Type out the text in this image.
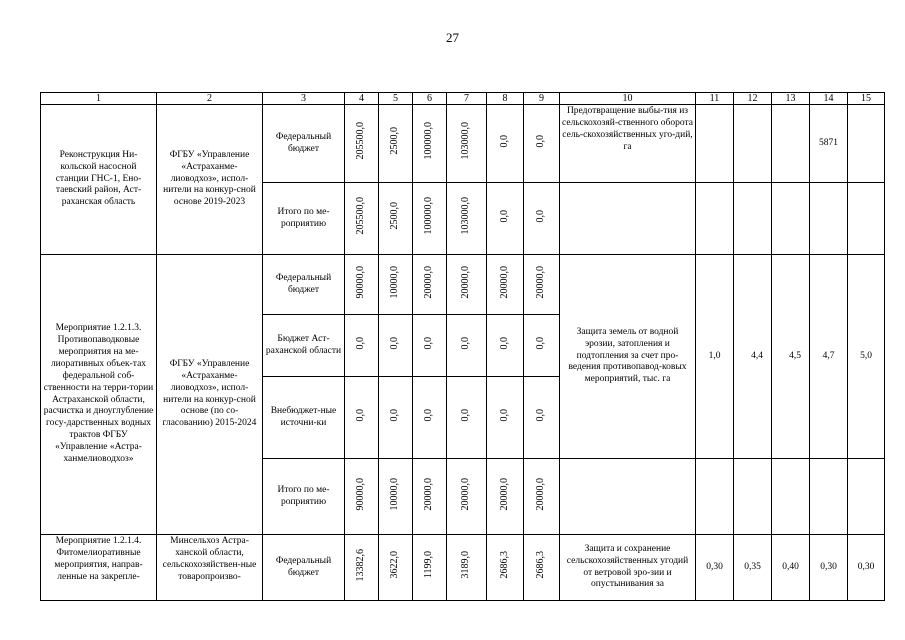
27
1	2	3	4	5	6	7	8	9	10	11	12	13	14	15
Реконструкция Ни-кольской насосной станции ГНС-1, Ено-таевский район, Аст-раханская область	ФГБУ «Управление «Астраханме-лиоводхоз», испол-нители на конкур-сной основе 2019-2023	Федеральный бюджет	205500,0	2500,0	100000,0	103000,0	0,0	0,0	Предотвращение выбы-тия из сельскохозяй-ственного оборота сель-скохозяйственных уго-дий, га				5871	
		Итого по ме-роприятию	205500,0	2500,0	100000,0	103000,0	0,0	0,0						
Мероприятие 1.2.1.3. Противопаводковые мероприятия на ме-лиоративных объек-тах федеральной соб-ственности на терри-тории Астраханской области, расчистка и дноуглубление госу-дарственных водных трактов ФГБУ «Управление «Астра-ханмелиоводхоз»	ФГБУ «Управление «Астраханме-лиоводхоз», испол-нители на конкур-сной основе (по со-гласованию) 2015-2024	Федеральный бюджет	90000,0	10000,0	20000,0	20000,0	20000,0	20000,0	Защита земель от водной эрозии, затопления и подтопления за счет про-ведения противопавод-ковых мероприятий, тыс. га	1,0	4,4	4,5	4,7	5,0
		Бюджет Аст-раханской области	0,0	0,0	0,0	0,0	0,0	0,0						
		Внебюджет-ные источни-ки	0,0	0,0	0,0	0,0	0,0	0,0						
		Итого по ме-роприятию	90000,0	10000,0	20000,0	20000,0	20000,0	20000,0						
Мероприятие 1.2.1.4. Фитомелиоративные мероприятия, направ-ленные на закрепле-	Минсельхоз Астра-ханской области, сельскохозяйствен-ные товаропроизво-	Федеральный бюджет	13382,6	3622,0	1199,0	3189,0	2686,3	2686,3	Защита и сохранение сельскохозяйственных угодий от ветровой эро-зии и опустынивания за	0,30	0,35	0,40	0,30	0,30
